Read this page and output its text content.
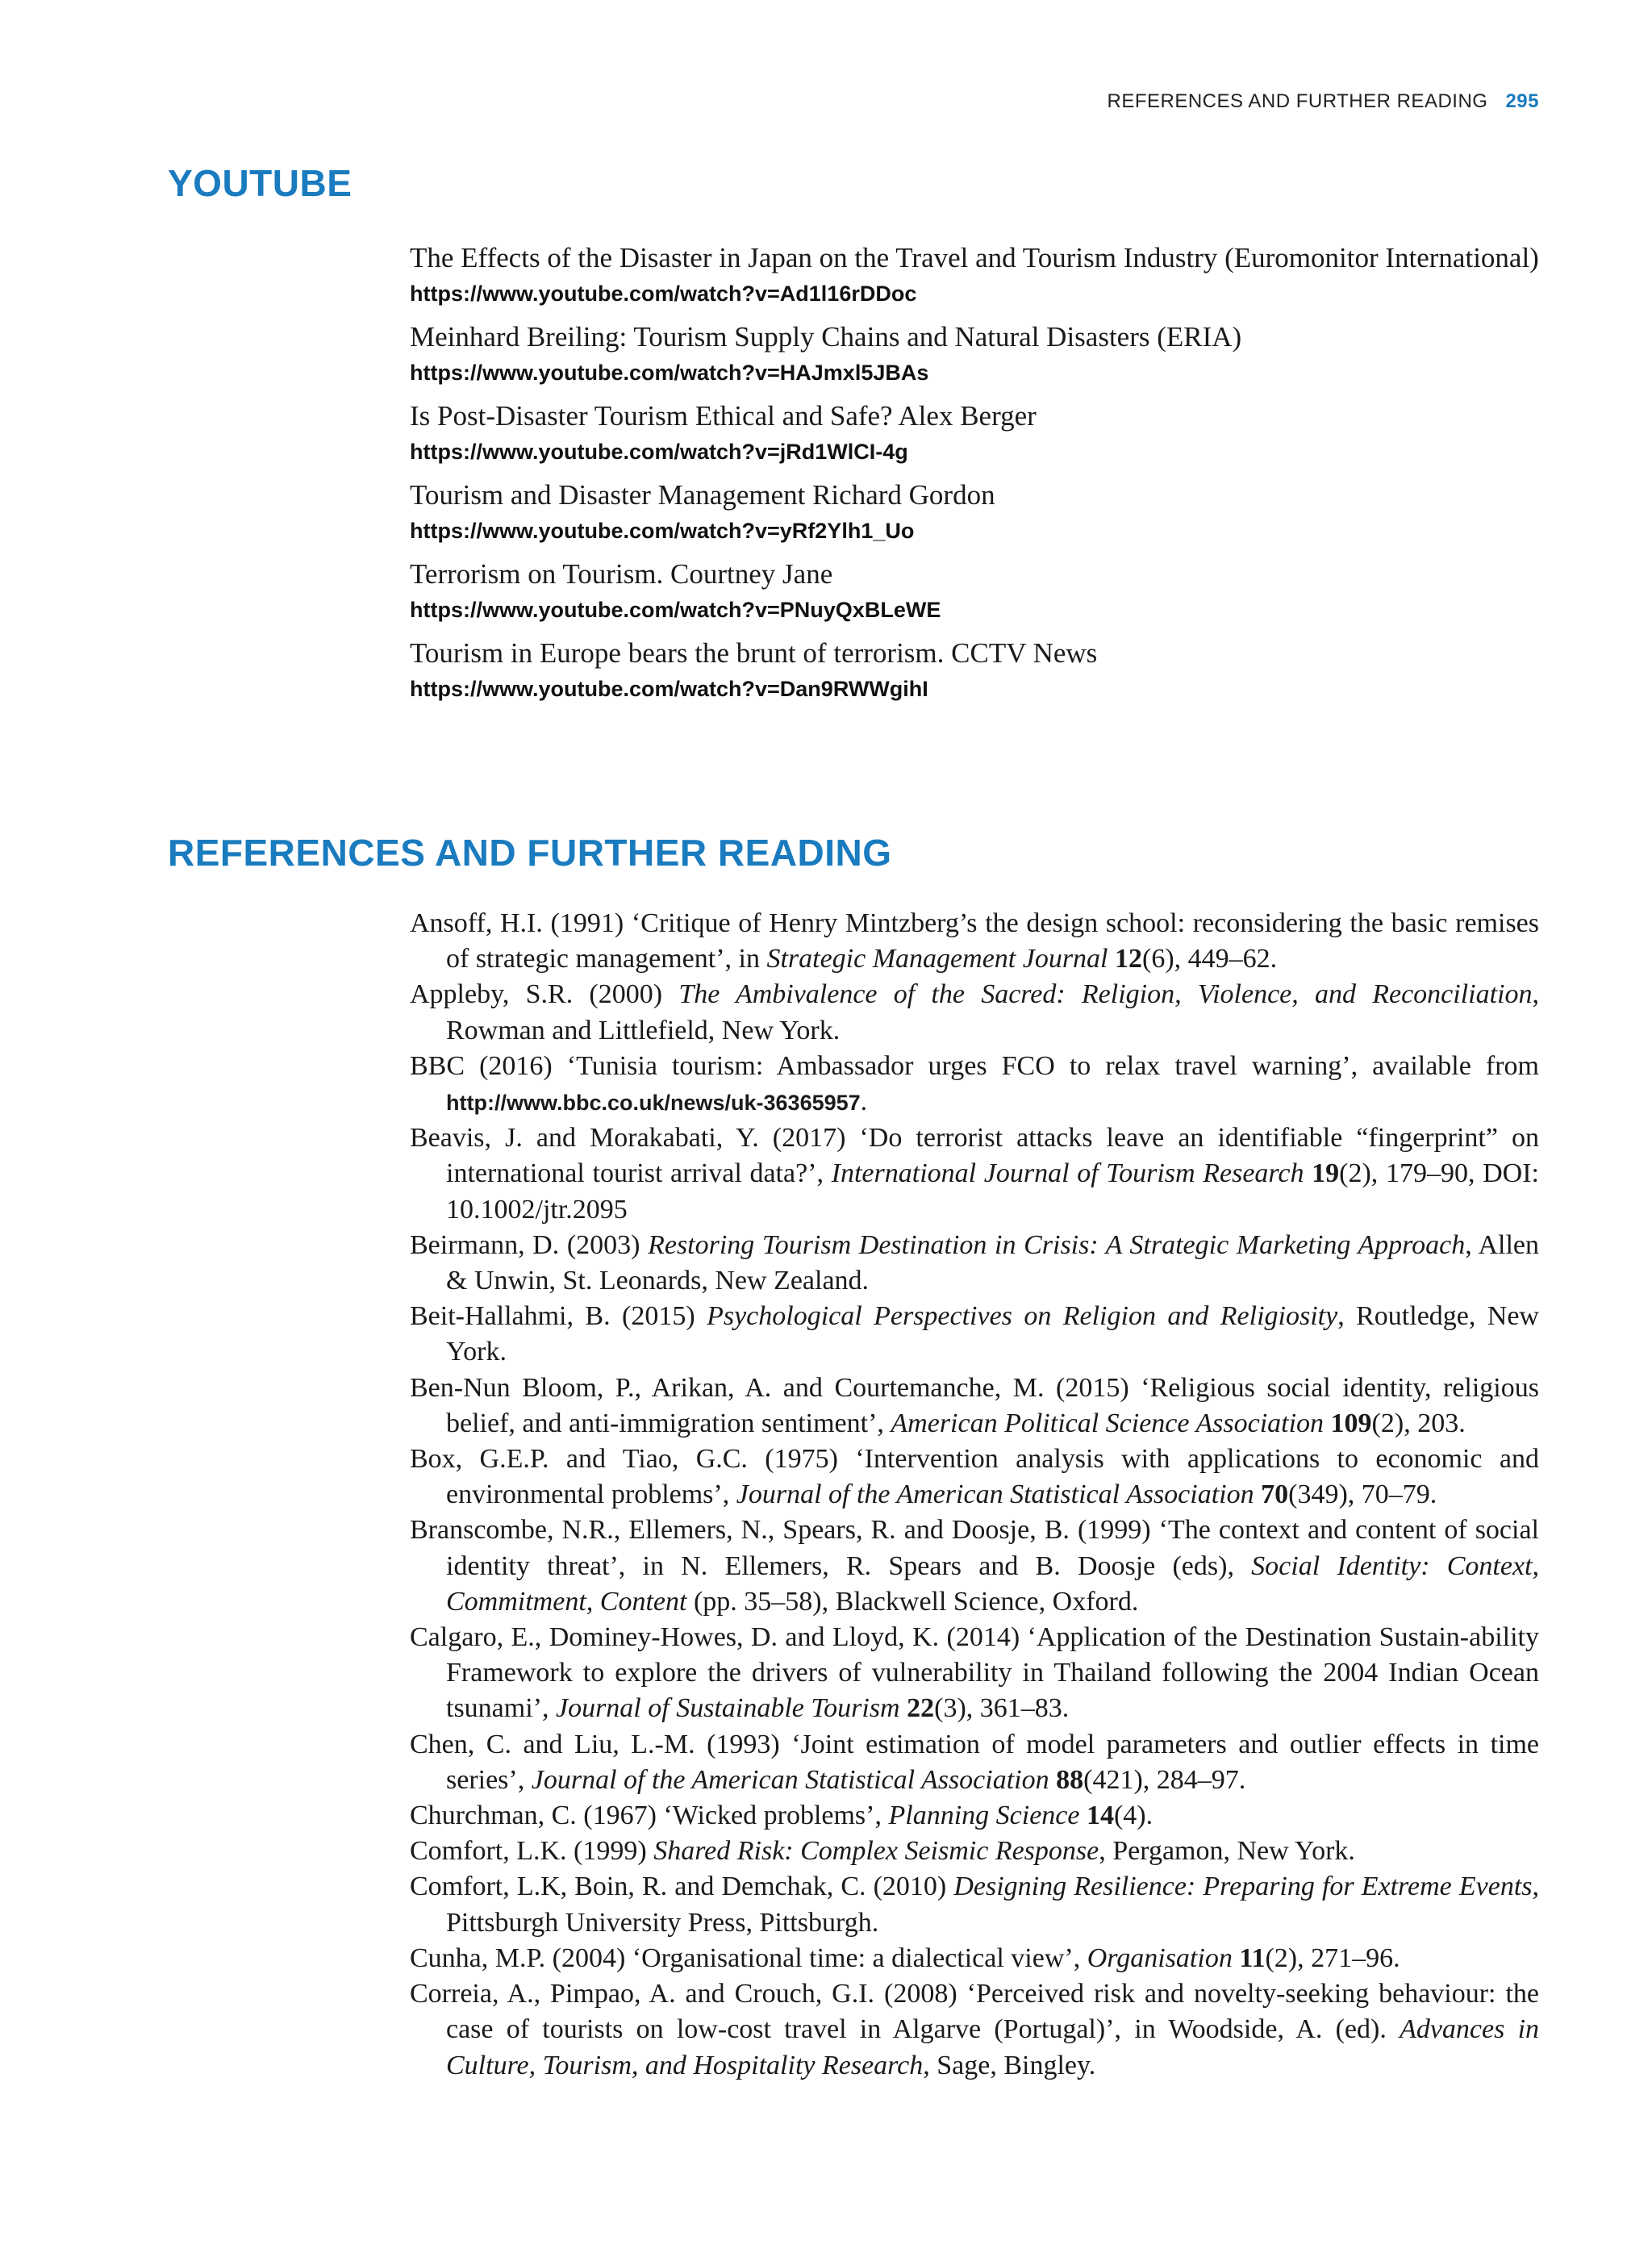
REFERENCES AND FURTHER READING 295
YOUTUBE
The Effects of the Disaster in Japan on the Travel and Tourism Industry (Euromonitor International)
https://www.youtube.com/watch?v=Ad1l16rDDoc
Meinhard Breiling: Tourism Supply Chains and Natural Disasters (ERIA)
https://www.youtube.com/watch?v=HAJmxl5JBAs
Is Post-Disaster Tourism Ethical and Safe? Alex Berger
https://www.youtube.com/watch?v=jRd1WlCI-4g
Tourism and Disaster Management Richard Gordon
https://www.youtube.com/watch?v=yRf2Ylh1_Uo
Terrorism on Tourism. Courtney Jane
https://www.youtube.com/watch?v=PNuyQxBLeWE
Tourism in Europe bears the brunt of terrorism. CCTV News
https://www.youtube.com/watch?v=Dan9RWWgihI
REFERENCES AND FURTHER READING
Ansoff, H.I. (1991) ‘Critique of Henry Mintzberg’s the design school: reconsidering the basic remises of strategic management’, in Strategic Management Journal 12(6), 449–62.
Appleby, S.R. (2000) The Ambivalence of the Sacred: Religion, Violence, and Reconciliation, Rowman and Littlefield, New York.
BBC (2016) ‘Tunisia tourism: Ambassador urges FCO to relax travel warning’, available from http://www.bbc.co.uk/news/uk-36365957.
Beavis, J. and Morakabati, Y. (2017) ‘Do terrorist attacks leave an identifiable “fingerprint” on international tourist arrival data?’, International Journal of Tourism Research 19(2), 179–90, DOI: 10.1002/jtr.2095
Beirmann, D. (2003) Restoring Tourism Destination in Crisis: A Strategic Marketing Approach, Allen & Unwin, St. Leonards, New Zealand.
Beit-Hallahmi, B. (2015) Psychological Perspectives on Religion and Religiosity, Routledge, New York.
Ben-Nun Bloom, P., Arikan, A. and Courtemanche, M. (2015) ‘Religious social identity, religious belief, and anti-immigration sentiment’, American Political Science Association 109(2), 203.
Box, G.E.P. and Tiao, G.C. (1975) ‘Intervention analysis with applications to economic and environmental problems’, Journal of the American Statistical Association 70(349), 70–79.
Branscombe, N.R., Ellemers, N., Spears, R. and Doosje, B. (1999) ‘The context and content of social identity threat’, in N. Ellemers, R. Spears and B. Doosje (eds), Social Identity: Context, Commitment, Content (pp. 35–58), Blackwell Science, Oxford.
Calgaro, E., Dominey-Howes, D. and Lloyd, K. (2014) ‘Application of the Destination Sustain-ability Framework to explore the drivers of vulnerability in Thailand following the 2004 Indian Ocean tsunami’, Journal of Sustainable Tourism 22(3), 361–83.
Chen, C. and Liu, L.-M. (1993) ‘Joint estimation of model parameters and outlier effects in time series’, Journal of the American Statistical Association 88(421), 284–97.
Churchman, C. (1967) ‘Wicked problems’, Planning Science 14(4).
Comfort, L.K. (1999) Shared Risk: Complex Seismic Response, Pergamon, New York.
Comfort, L.K, Boin, R. and Demchak, C. (2010) Designing Resilience: Preparing for Extreme Events, Pittsburgh University Press, Pittsburgh.
Cunha, M.P. (2004) ‘Organisational time: a dialectical view’, Organisation 11(2), 271–96.
Correia, A., Pimpao, A. and Crouch, G.I. (2008) ‘Perceived risk and novelty-seeking behaviour: the case of tourists on low-cost travel in Algarve (Portugal)’, in Woodside, A. (ed). Advances in Culture, Tourism, and Hospitality Research, Sage, Bingley.
